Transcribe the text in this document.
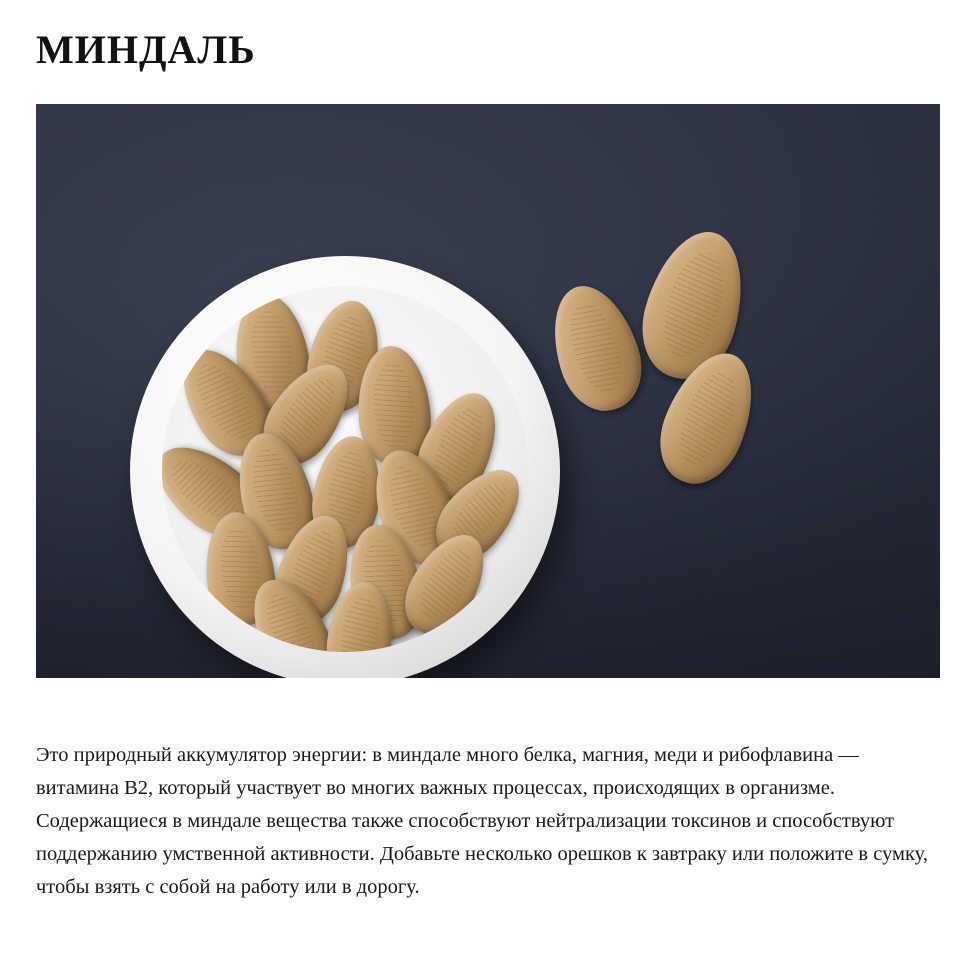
МИНДАЛЬ

Это природный аккумулятор энергии: в миндале много белка, магния, меди и рибофлавина — витамина B2, который участвует во многих важных процессах, происходящих в организме. Содержащиеся в миндале вещества также способствуют нейтрализации токсинов и способствуют поддержанию умственной активности. Добавьте несколько орешков к завтраку или положите в сумку, чтобы взять с собой на работу или в дорогу.
